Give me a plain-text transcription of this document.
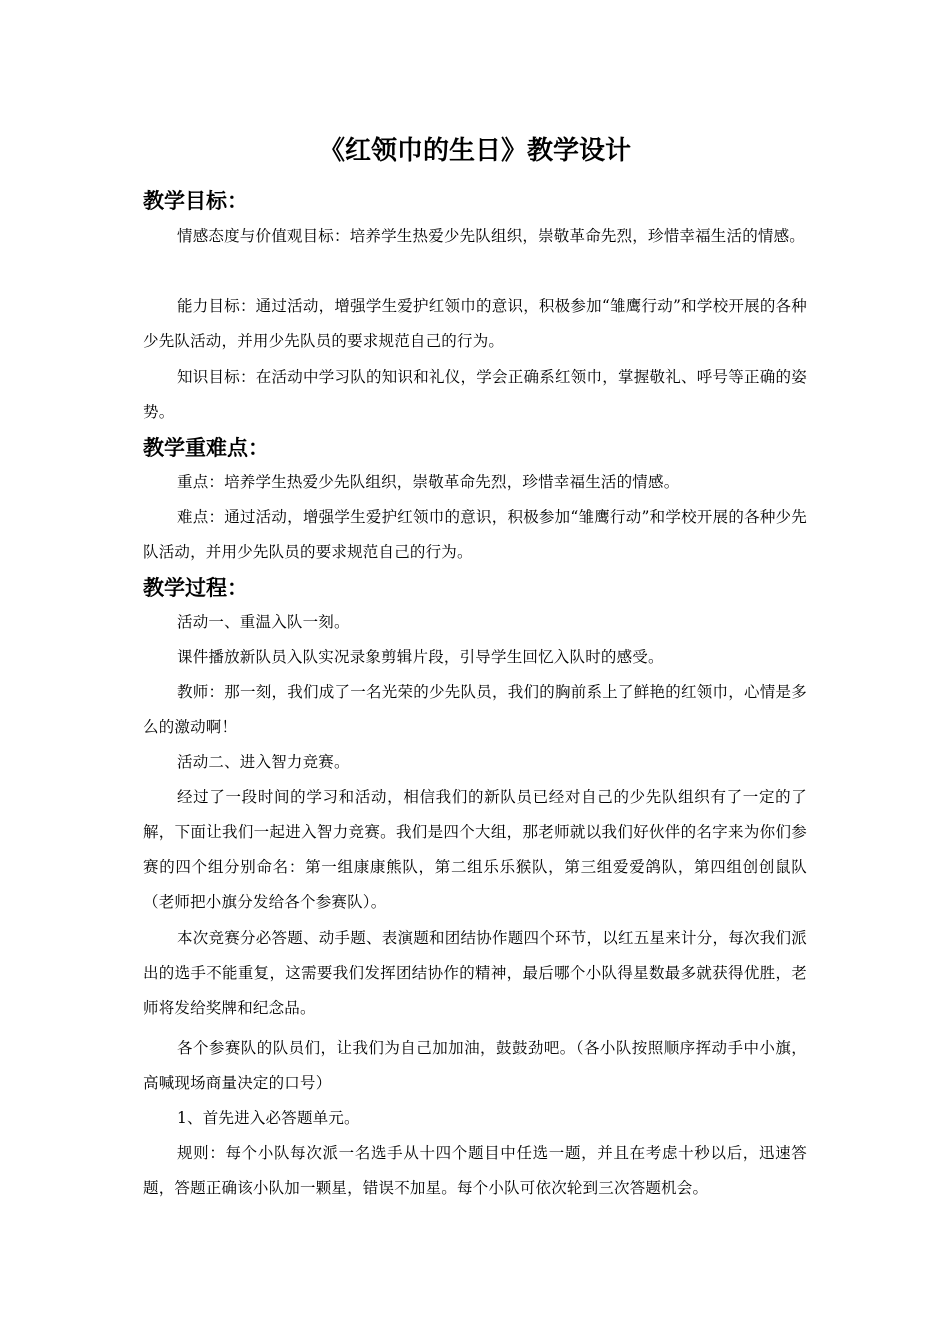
《红领巾的生日》教学设计
教学目标：

情感态度与价值观目标：培养学生热爱少先队组织，崇敬革命先烈，珍惜幸福生活的情感。

能力目标：通过活动，增强学生爱护红领巾的意识，积极参加“雏鹰行动”和学校开展的各种少先队活动，并用少先队员的要求规范自己的行为。

知识目标：在活动中学习队的知识和礼仪，学会正确系红领巾，掌握敬礼、呼号等正确的姿势。

教学重难点：

重点：培养学生热爱少先队组织，崇敬革命先烈，珍惜幸福生活的情感。

难点：通过活动，增强学生爱护红领巾的意识，积极参加“雏鹰行动”和学校开展的各种少先队活动，并用少先队员的要求规范自己的行为。

教学过程：

活动一、重温入队一刻。

课件播放新队员入队实况录象剪辑片段，引导学生回忆入队时的感受。

教师：那一刻，我们成了一名光荣的少先队员，我们的胸前系上了鲜艳的红领巾，心情是多么的激动啊！

活动二、进入智力竞赛。

经过了一段时间的学习和活动，相信我们的新队员已经对自己的少先队组织有了一定的了解，下面让我们一起进入智力竞赛。我们是四个大组，那老师就以我们好伙伴的名字来为你们参赛的四个组分别命名：第一组康康熊队，第二组乐乐猴队，第三组爱爱鸽队，第四组创创鼠队（老师把小旗分发给各个参赛队）。

本次竞赛分必答题、动手题、表演题和团结协作题四个环节，以红五星来计分，每次我们派出的选手不能重复，这需要我们发挥团结协作的精神，最后哪个小队得星数最多就获得优胜，老师将发给奖牌和纪念品。

各个参赛队的队员们，让我们为自己加加油，鼓鼓劲吧。（各小队按照顺序挥动手中小旗，高喊现场商量决定的口号）

1、首先进入必答题单元。

规则：每个小队每次派一名选手从十四个题目中任选一题，并且在考虑十秒以后，迅速答题，答题正确该小队加一颗星，错误不加星。每个小队可依次轮到三次答题机会。
